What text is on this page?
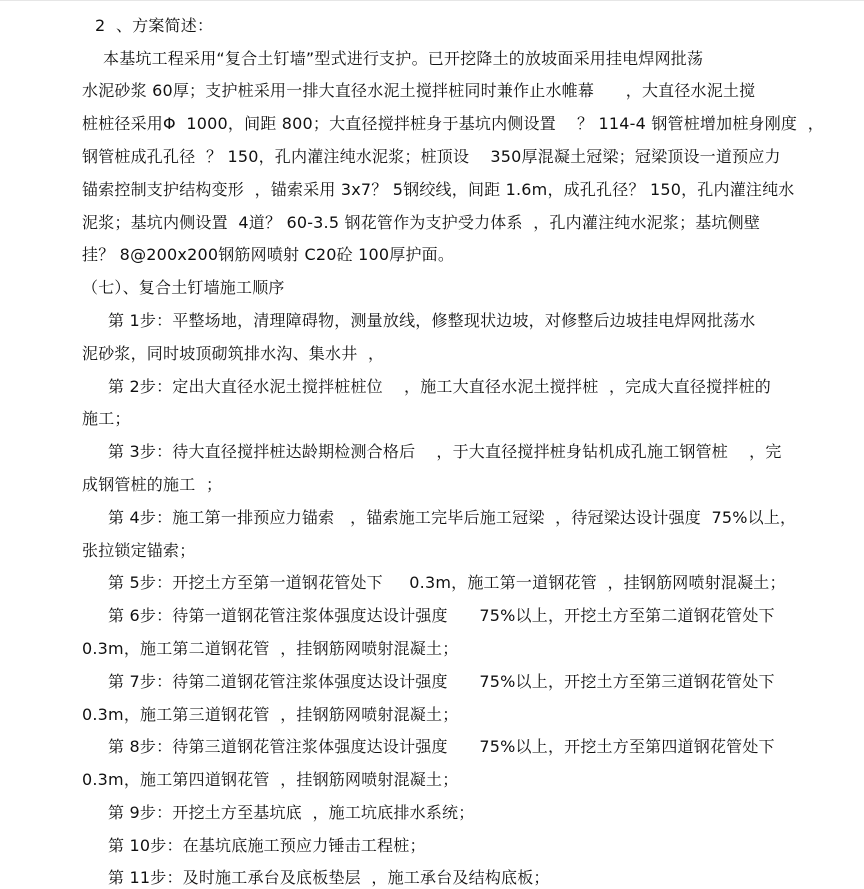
2  、方案简述：
本基坑工程采用“复合土钉墙”型式进行支护。已开挖降土的放坡面采用挂电焊网批荡
水泥砂浆 60厚；支护桩采用一排大直径水泥土搅拌桩同时兼作止水帷幕      ，大直径水泥土搅
桩桩径采用Φ  1000，间距 800；大直径搅拌桩身于基坑内侧设置    ？ 114-4 钢管桩增加桩身刚度  ，
钢管桩成孔孔径  ？ 150，孔内灌注纯水泥浆；桩顶设    350厚混凝土冠梁；冠梁顶设一道预应力
锚索控制支护结构变形  ，锚索采用 3x7？ 5钢绞线，间距 1.6m，成孔孔径？ 150，孔内灌注纯水
泥浆；基坑内侧设置  4道？ 60-3.5 钢花管作为支护受力体系  ，孔内灌注纯水泥浆；基坑侧壁
挂？ 8@200x200钢筋网喷射 C20砼 100厚护面。
（七）、复合土钉墙施工顺序
第 1步：平整场地，清理障碍物，测量放线，修整现状边坡，对修整后边坡挂电焊网批荡水
泥砂浆，同时坡顶砌筑排水沟、集水井  ，
第 2步：定出大直径水泥土搅拌桩桩位    ，施工大直径水泥土搅拌桩  ，完成大直径搅拌桩的
施工；
第 3步：待大直径搅拌桩达龄期检测合格后    ，于大直径搅拌桩身钻机成孔施工钢管桩    ，完
成钢管桩的施工  ；
第 4步：施工第一排预应力锚索   ，锚索施工完毕后施工冠梁  ，待冠梁达设计强度  75%以上，
张拉锁定锚索；
第 5步：开挖土方至第一道钢花管处下     0.3m，施工第一道钢花管  ，挂钢筋网喷射混凝土；
第 6步：待第一道钢花管注浆体强度达设计强度      75%以上，开挖土方至第二道钢花管处下
0.3m，施工第二道钢花管  ，挂钢筋网喷射混凝土；
第 7步：待第二道钢花管注浆体强度达设计强度      75%以上，开挖土方至第三道钢花管处下
0.3m，施工第三道钢花管  ，挂钢筋网喷射混凝土；
第 8步：待第三道钢花管注浆体强度达设计强度      75%以上，开挖土方至第四道钢花管处下
0.3m，施工第四道钢花管  ，挂钢筋网喷射混凝土；
第 9步：开挖土方至基坑底  ，施工坑底排水系统；
第 10步：在基坑底施工预应力锤击工程桩；
第 11步：及时施工承台及底板垫层  ，施工承台及结构底板；
